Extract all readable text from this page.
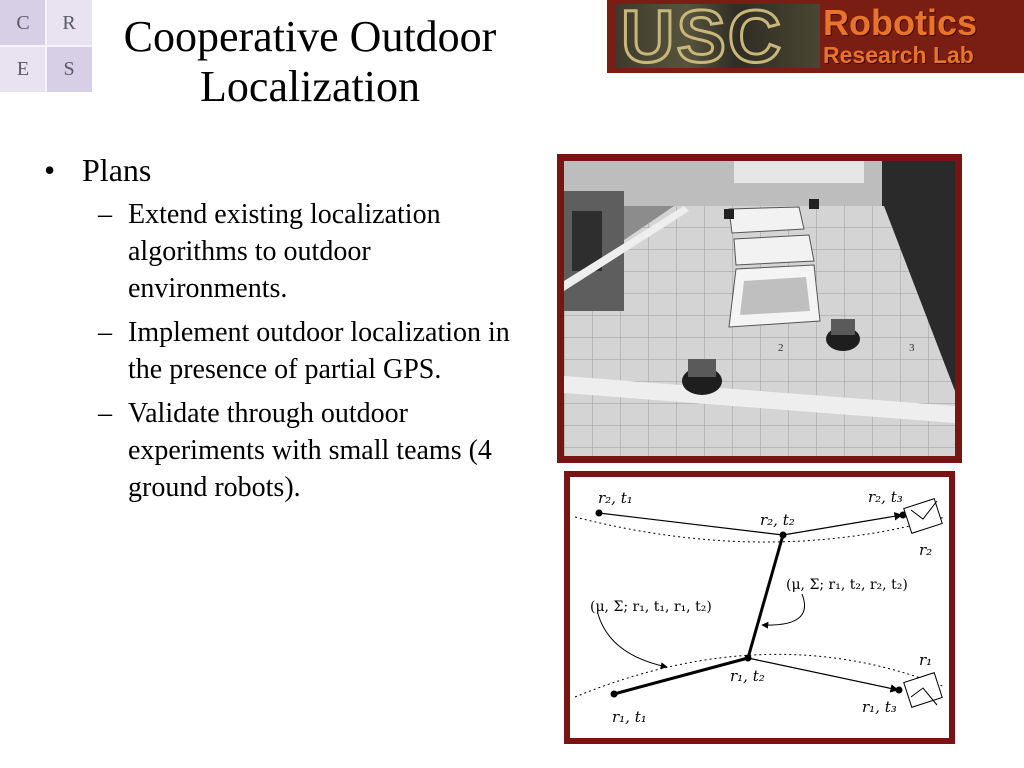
C	R
E	S
Cooperative Outdoor
Localization
USC Robotics
Research Lab
• Plans
– Extend existing localization algorithms to outdoor environments.
– Implement outdoor localization in the presence of partial GPS.
– Validate through outdoor experiments with small teams (4 ground robots).
2	3
r₂, t₁
r₂, t₂
r₂, t₃
r₂
r₁
r₁, t₁
r₁, t₂
r₁, t₃
(μ, Σ; r₁, t₁, r₁, t₂)
(μ, Σ; r₁, t₂, r₂, t₂)
